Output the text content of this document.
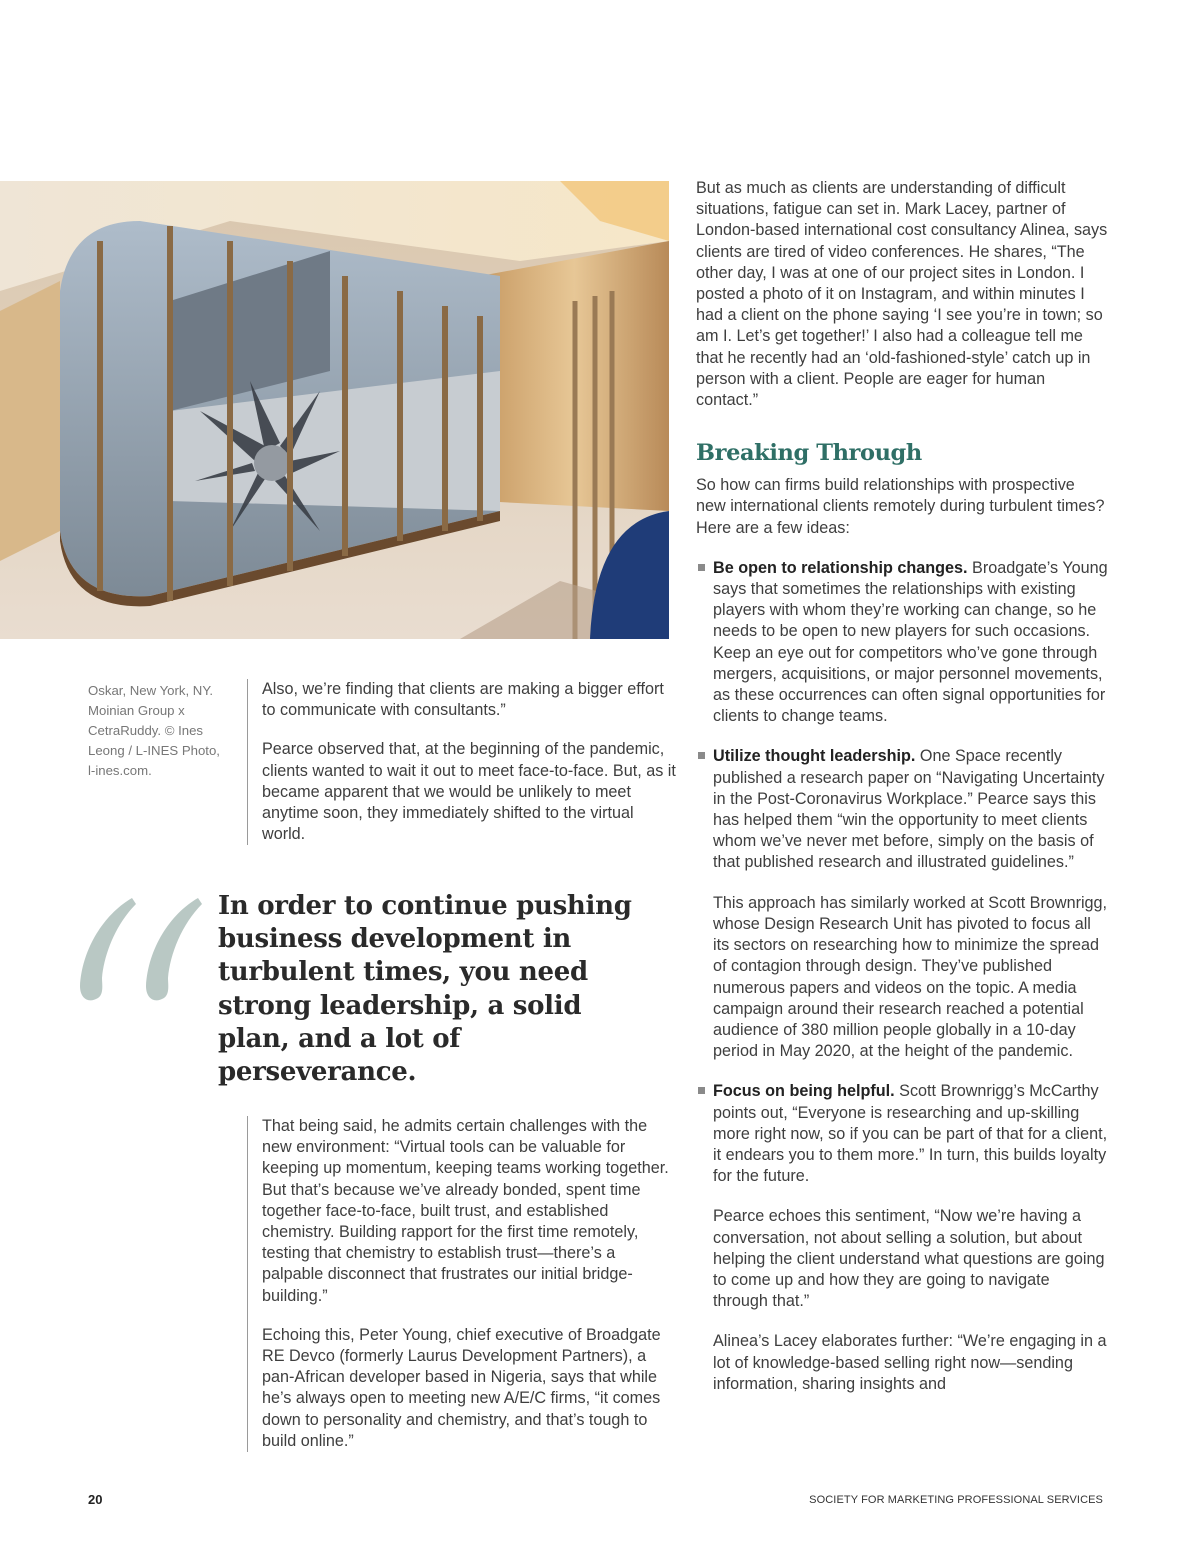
Oskar, New York, NY. Moinian Group x CetraRuddy. © Ines Leong / L-INES Photo, l-ines.com.

Also, we’re finding that clients are making a bigger effort to communicate with consultants.”

Pearce observed that, at the beginning of the pandemic, clients wanted to wait it out to meet face-to-face. But, as it became apparent that we would be unlikely to meet anytime soon, they immediately shifted to the virtual world.

In order to continue pushing business development in turbulent times, you need strong leadership, a solid plan, and a lot of perseverance.

That being said, he admits certain challenges with the new environment: “Virtual tools can be valuable for keeping up momentum, keeping teams working together. But that’s because we’ve already bonded, spent time together face-to-face, built trust, and established chemistry. Building rapport for the first time remotely, testing that chemistry to establish trust—there’s a palpable disconnect that frustrates our initial bridge-building.”

Echoing this, Peter Young, chief executive of Broadgate RE Devco (formerly Laurus Development Partners), a pan-African developer based in Nigeria, says that while he’s always open to meeting new A/E/C firms, “it comes down to personality and chemistry, and that’s tough to build online.”

But as much as clients are understanding of difficult situations, fatigue can set in. Mark Lacey, partner of London-based international cost consultancy Alinea, says clients are tired of video conferences. He shares, “The other day, I was at one of our project sites in London. I posted a photo of it on Instagram, and within minutes I had a client on the phone saying ‘I see you’re in town; so am I. Let’s get together!’ I also had a colleague tell me that he recently had an ‘old-fashioned-style’ catch up in person with a client. People are eager for human contact.”

Breaking Through

So how can firms build relationships with prospective new international clients remotely during turbulent times? Here are a few ideas:

Be open to relationship changes. Broadgate’s Young says that sometimes the relationships with existing players with whom they’re working can change, so he needs to be open to new players for such occasions. Keep an eye out for competitors who’ve gone through mergers, acquisitions, or major personnel movements, as these occurrences can often signal opportunities for clients to change teams.
Utilize thought leadership. One Space recently published a research paper on “Navigating Uncertainty in the Post-Coronavirus Workplace.” Pearce says this has helped them “win the opportunity to meet clients whom we’ve never met before, simply on the basis of that published research and illustrated guidelines.”
This approach has similarly worked at Scott Brownrigg, whose Design Research Unit has pivoted to focus all its sectors on researching how to minimize the spread of contagion through design. They’ve published numerous papers and videos on the topic. A media campaign around their research reached a potential audience of 380 million people globally in a 10-day period in May 2020, at the height of the pandemic.
Focus on being helpful. Scott Brownrigg’s McCarthy points out, “Everyone is researching and up-skilling more right now, so if you can be part of that for a client, it endears you to them more.” In turn, this builds loyalty for the future.
Pearce echoes this sentiment, “Now we’re having a conversation, not about selling a solution, but about helping the client understand what questions are going to come up and how they are going to navigate through that.”
Alinea’s Lacey elaborates further: “We’re engaging in a lot of knowledge-based selling right now—sending information, sharing insights and
20	SOCIETY FOR MARKETING PROFESSIONAL SERVICES
